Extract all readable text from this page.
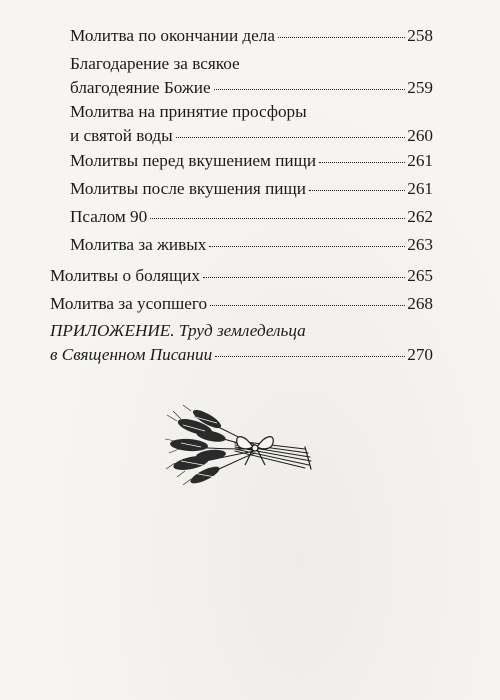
Молитва по окончании дела	258
Благодарение за всякое
благодеяние Божие	259
Молитва на принятие просфоры
и святой воды	260
Молитвы перед вкушением пищи	261
Молитвы после вкушения пищи	261
Псалом 90	262
Молитва за живых	263
Молитвы о болящих	265
Молитва за усопшего	268
ПРИЛОЖЕНИЕ. Труд земледельца
в Священном Писании	270
